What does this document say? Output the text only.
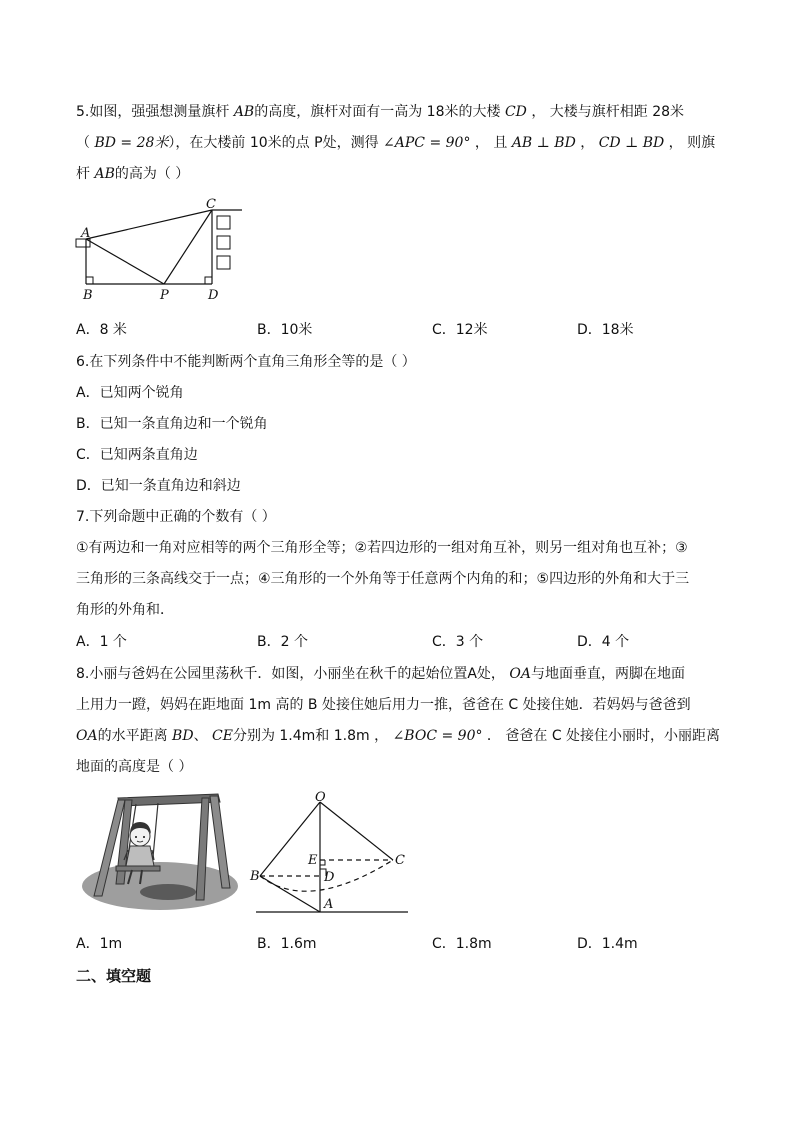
5.如图，强强想测量旗杆 AB的高度，旗杆对面有一高为 18米的大楼 CD ， 大楼与旗杆相距 28米
（ BD = 28米），在大楼前 10米的点 P处，测得 ∠APC = 90° ， 且 AB ⊥ BD ， CD ⊥ BD ， 则旗
杆 AB的高为（ ）
A
B	P	D
C
A．8 米	B．10米	C．12米	D．18米
6.在下列条件中不能判断两个直角三角形全等的是（ ）
A．已知两个锐角
B．已知一条直角边和一个锐角
C．已知两条直角边
D．已知一条直角边和斜边
7.下列命题中正确的个数有（ ）
①有两边和一角对应相等的两个三角形全等；②若四边形的一组对角互补，则另一组对角也互补；③
三角形的三条高线交于一点；④三角形的一个外角等于任意两个内角的和；⑤四边形的外角和大于三
角形的外角和．
A．1 个	B．2 个	C．3 个	D．4 个
8.小丽与爸妈在公园里荡秋千．如图，小丽坐在秋千的起始位置A处， OA与地面垂直，两脚在地面
上用力一蹬，妈妈在距地面 1m 高的 B 处接住她后用力一推，爸爸在 C 处接住她．若妈妈与爸爸到
OA的水平距离 BD、 CE分别为 1.4m和 1.8m ， ∠BOC = 90° ． 爸爸在 C 处接住小丽时，小丽距离
地面的高度是（ ）
O
E	C
B	D
A
A．1m	B．1.6m	C．1.8m	D．1.4m
二、填空题
